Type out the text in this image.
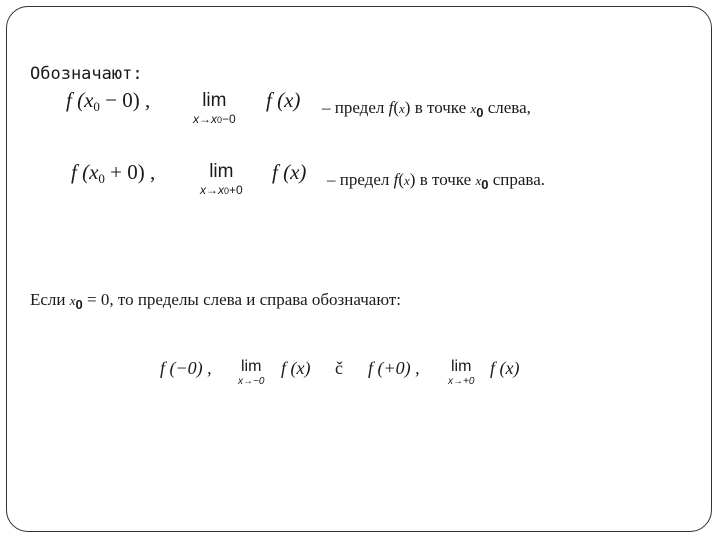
Обозначают:
f (x0 − 0) ,	lim
x→x0−0
f (x) – предел f(x) в точке $x_0$ слева,
f (x0 + 0) ,	lim
x→x0+0
f (x) – предел f(x) в точке $x_0$ справа.
Если $x_0 = 0$, то пределы слева и справа обозначают:
f (−0) , lim
x→−0
f (x) č f (+0) , lim
x→+0
f (x)
